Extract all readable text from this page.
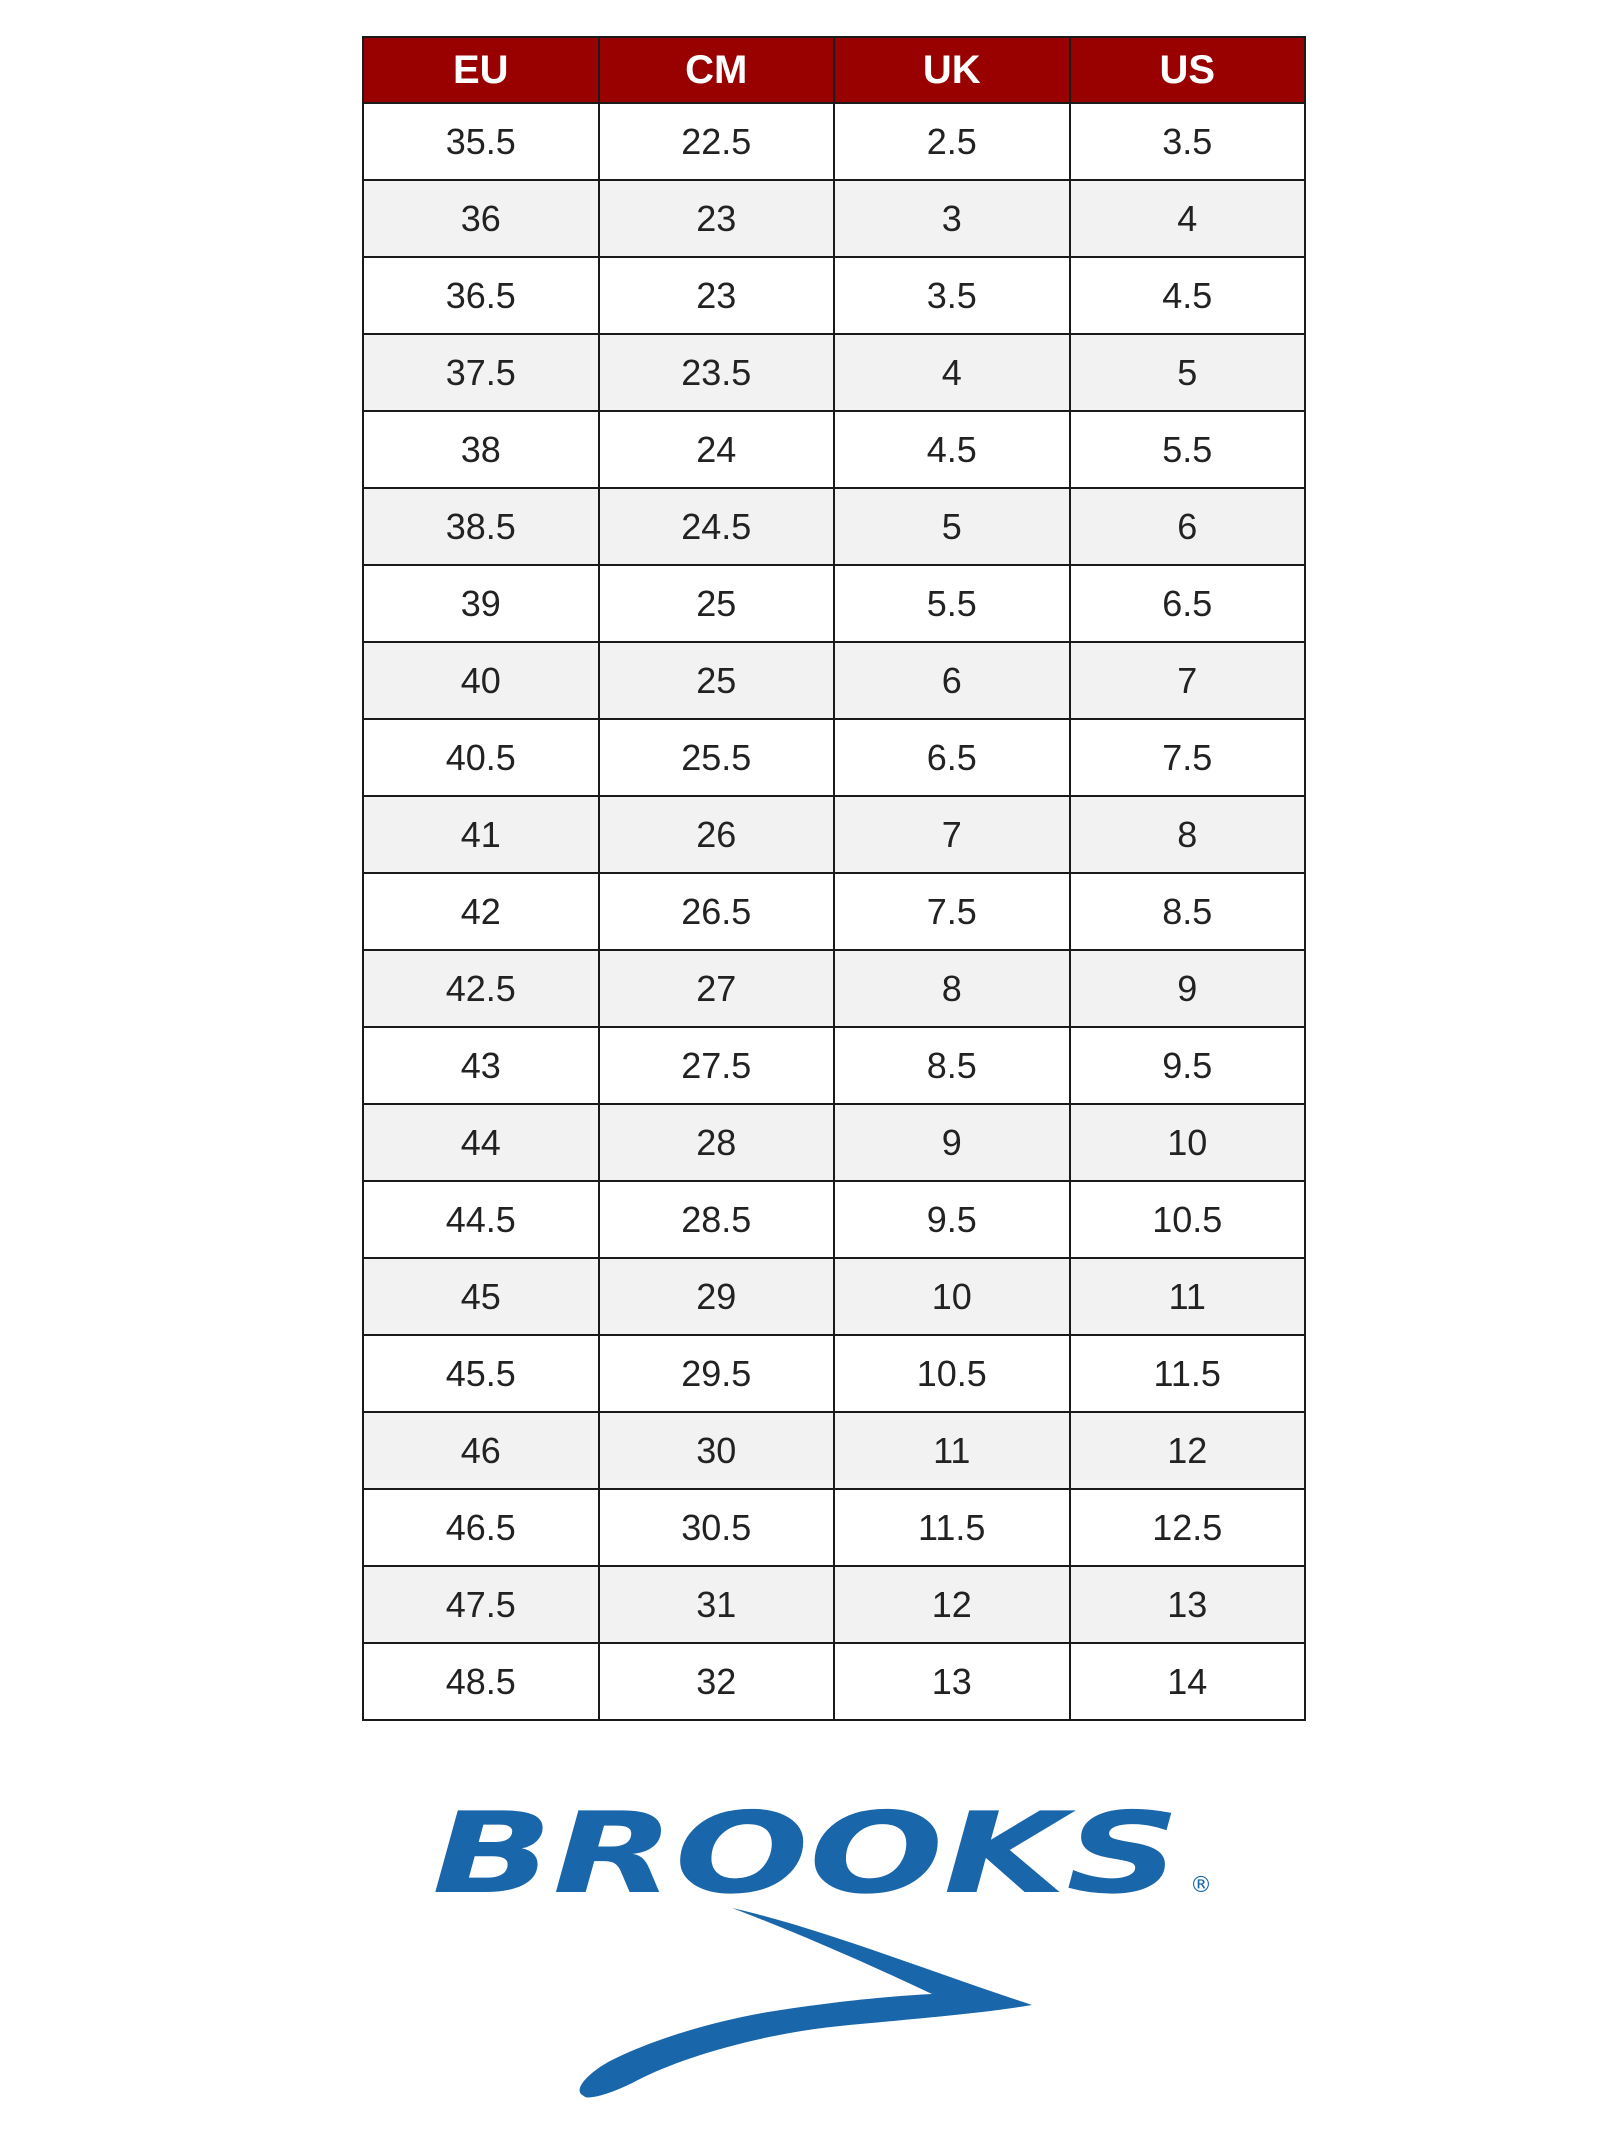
EU	CM	UK	US
35.5	22.5	2.5	3.5
36	23	3	4
36.5	23	3.5	4.5
37.5	23.5	4	5
38	24	4.5	5.5
38.5	24.5	5	6
39	25	5.5	6.5
40	25	6	7
40.5	25.5	6.5	7.5
41	26	7	8
42	26.5	7.5	8.5
42.5	27	8	9
43	27.5	8.5	9.5
44	28	9	10
44.5	28.5	9.5	10.5
45	29	10	11
45.5	29.5	10.5	11.5
46	30	11	12
46.5	30.5	11.5	12.5
47.5	31	12	13
48.5	32	13	14
BROOKS ®
